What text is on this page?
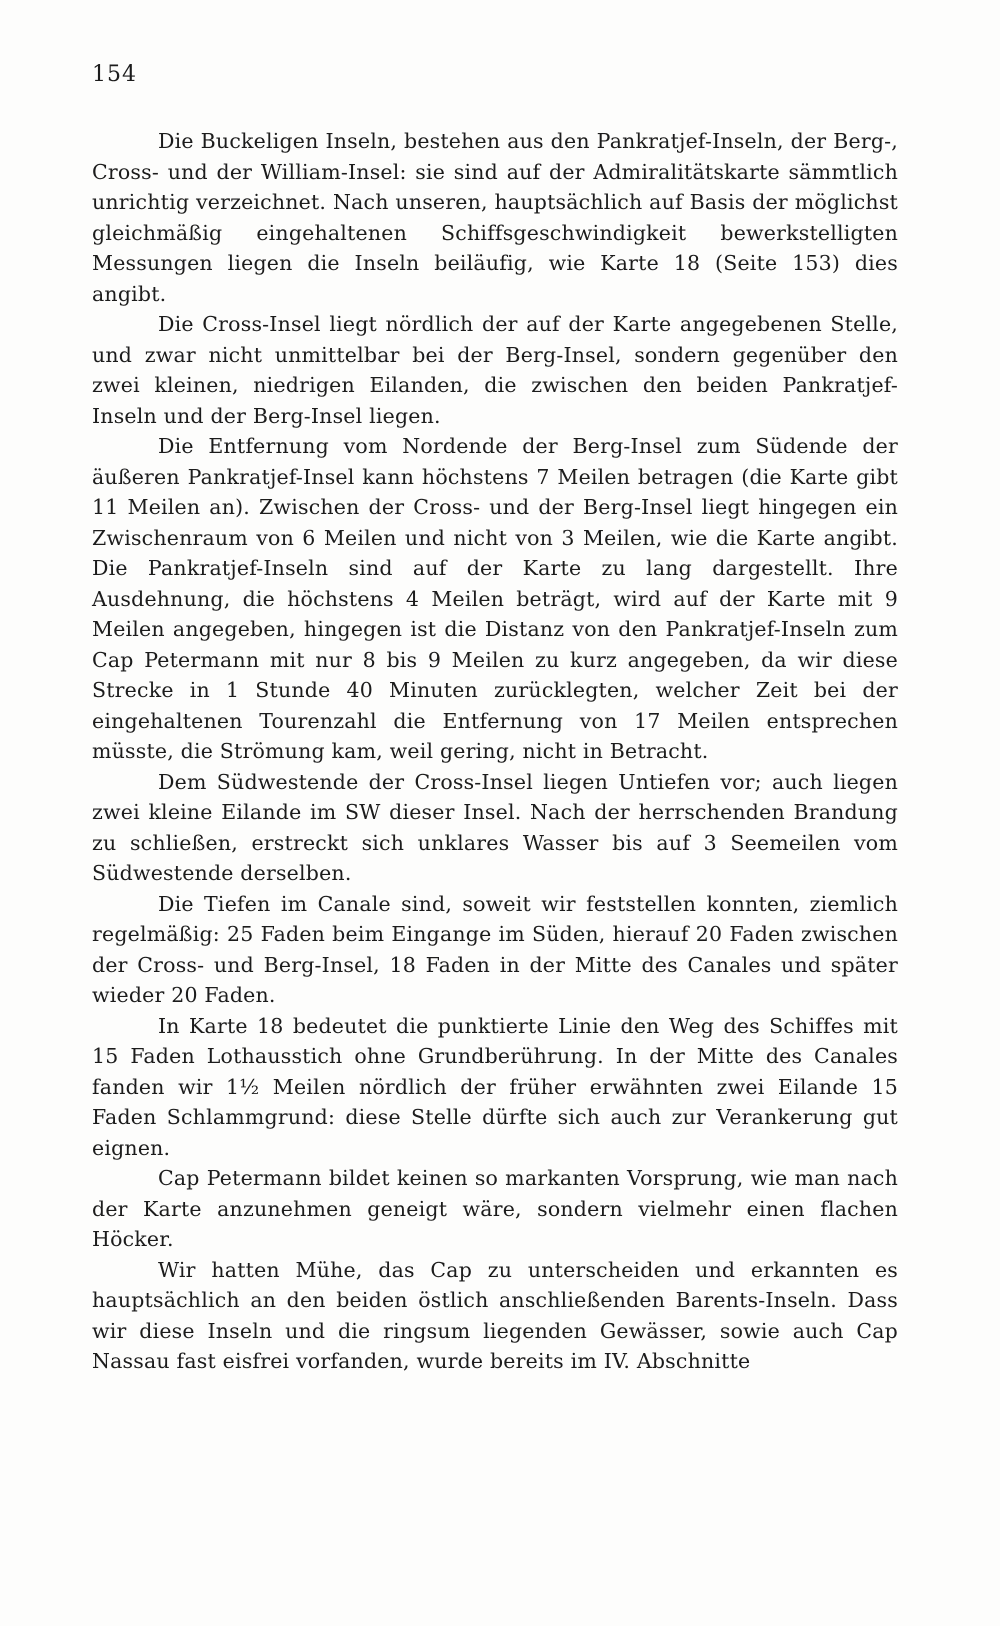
154

Die Buckeligen Inseln, bestehen aus den Pankratjef-Inseln, der Berg-, Cross- und der William-Insel: sie sind auf der Admiralitätskarte sämmtlich unrichtig verzeichnet. Nach unseren, hauptsächlich auf Basis der möglichst gleichmäßig eingehaltenen Schiffsgeschwindigkeit bewerkstelligten Messungen liegen die Inseln beiläufig, wie Karte 18 (Seite 153) dies angibt.

Die Cross-Insel liegt nördlich der auf der Karte angegebenen Stelle, und zwar nicht unmittelbar bei der Berg-Insel, sondern gegenüber den zwei kleinen, niedrigen Eilanden, die zwischen den beiden Pankratjef-Inseln und der Berg-Insel liegen.

Die Entfernung vom Nordende der Berg-Insel zum Südende der äußeren Pankratjef-Insel kann höchstens 7 Meilen betragen (die Karte gibt 11 Meilen an). Zwischen der Cross- und der Berg-Insel liegt hingegen ein Zwischenraum von 6 Meilen und nicht von 3 Meilen, wie die Karte angibt. Die Pankratjef-Inseln sind auf der Karte zu lang dargestellt. Ihre Ausdehnung, die höchstens 4 Meilen beträgt, wird auf der Karte mit 9 Meilen angegeben, hingegen ist die Distanz von den Pankratjef-Inseln zum Cap Petermann mit nur 8 bis 9 Meilen zu kurz angegeben, da wir diese Strecke in 1 Stunde 40 Minuten zurücklegten, welcher Zeit bei der eingehaltenen Tourenzahl die Entfernung von 17 Meilen entsprechen müsste, die Strömung kam, weil gering, nicht in Betracht.

Dem Südwestende der Cross-Insel liegen Untiefen vor; auch liegen zwei kleine Eilande im SW dieser Insel. Nach der herrschenden Brandung zu schließen, erstreckt sich unklares Wasser bis auf 3 Seemeilen vom Südwestende derselben.

Die Tiefen im Canale sind, soweit wir feststellen konnten, ziemlich regelmäßig: 25 Faden beim Eingange im Süden, hierauf 20 Faden zwischen der Cross- und Berg-Insel, 18 Faden in der Mitte des Canales und später wieder 20 Faden.

In Karte 18 bedeutet die punktierte Linie den Weg des Schiffes mit 15 Faden Lothausstich ohne Grundberührung. In der Mitte des Canales fanden wir 1½ Meilen nördlich der früher erwähnten zwei Eilande 15 Faden Schlammgrund: diese Stelle dürfte sich auch zur Verankerung gut eignen.

Cap Petermann bildet keinen so markanten Vorsprung, wie man nach der Karte anzunehmen geneigt wäre, sondern vielmehr einen flachen Höcker.

Wir hatten Mühe, das Cap zu unterscheiden und erkannten es hauptsächlich an den beiden östlich anschließenden Barents-Inseln. Dass wir diese Inseln und die ringsum liegenden Gewässer, sowie auch Cap Nassau fast eisfrei vorfanden, wurde bereits im IV. Abschnitte
